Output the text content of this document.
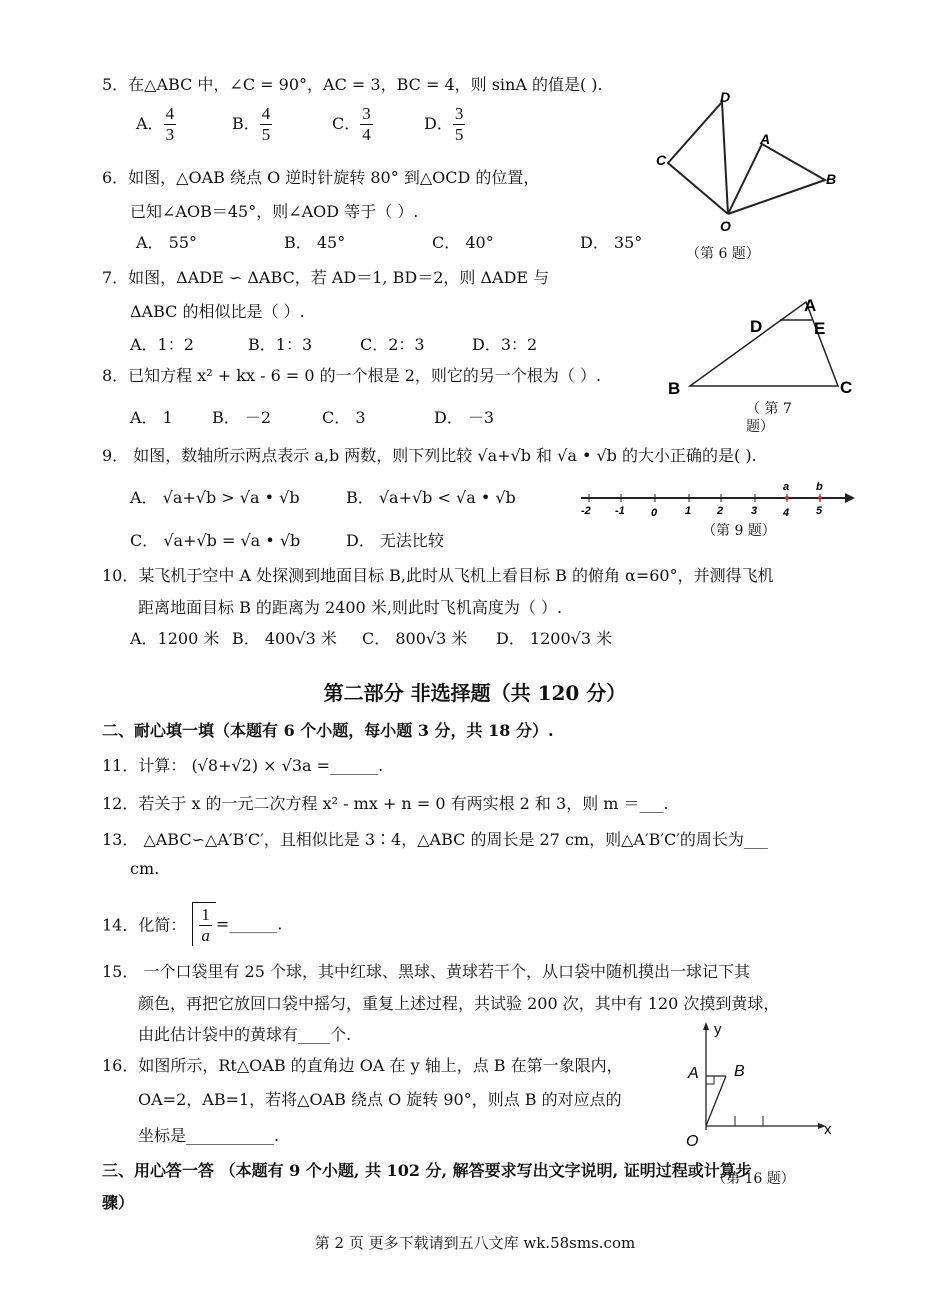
5．在△ABC 中，∠C = 90°，AC = 3，BC = 4，则 sinA 的值是( ).
A． $\frac{4}{3}$	B． $\frac{4}{5}$	C． $\frac{3}{4}$	D． $\frac{3}{5}$
D
A
C
B
O
（第 6 题）
6．如图，△OAB 绕点 O 逆时针旋转 80° 到△OCD 的位置，
已知∠AOB＝45°，则∠AOD 等于（ ）.
A． 55°	B． 45°	C． 40°	D． 35°
7．如图，ΔADE ∽ ΔABC，若 AD＝1, BD＝2，则 ΔADE 与
ΔABC 的相似比是（ ）.
A．1：2	B．1：3	C．2：3	D．3：2
A
D	E
B	C
（ 第 7
题）
8．已知方程 x² + kx - 6 = 0 的一个根是 2，则它的另一个根为（ ）.
A． 1 B． －2	C． 3	D． －3
9． 如图，数轴所示两点表示 a,b 两数，则下列比较 √a+√b 和 √a • √b 的大小正确的是( ).
A． √a+√b > √a • √b	B． √a+√b < √a • √b
C． √a+√b = √a • √b	D． 无法比较
-2 -1 0	1 2	3 4 5
a b
（第 9 题）
10．某飞机于空中 A 处探测到地面目标 B,此时从飞机上看目标 B 的俯角 α=60°，并测得飞机
距离地面目标 B 的距离为 2400 米,则此时飞机高度为（ ）.
A．1200 米 B． 400√3 米 C． 800√3 米 D． 1200√3 米
第二部分 非选择题（共 120 分）
二、耐心填一填（本题有 6 个小题，每小题 3 分，共 18 分）.
11．计算： (√8+√2) × √3a =______.
12．若关于 x 的一元二次方程 x² - mx + n = 0 有两实根 2 和 3，则 m ＝___.
13． △ABC∽△A′B′C′，且相似比是 3∶4，△ABC 的周长是 27 cm，则△A′B′C′的周长为___
cm.
14．化简： $\frac{1}{a}$ =______.
15． 一个口袋里有 25 个球，其中红球、黑球、黄球若干个，从口袋中随机摸出一球记下其
颜色，再把它放回口袋中摇匀，重复上述过程，共试验 200 次，其中有 120 次摸到黄球，
由此估计袋中的黄球有____个.
16．如图所示，Rt△OAB 的直角边 OA 在 y 轴上，点 B 在第一象限内，
OA=2，AB=1，若将△OAB 绕点 O 旋转 90°，则点 B 的对应点的
坐标是___________.
y
x
A B
O
（第 16 题）
三、用心答一答 （本题有 9 个小题, 共 102 分, 解答要求写出文字说明, 证明过程或计算步
骤）
第 2 页 更多下载请到五八文库 wk.58sms.com
